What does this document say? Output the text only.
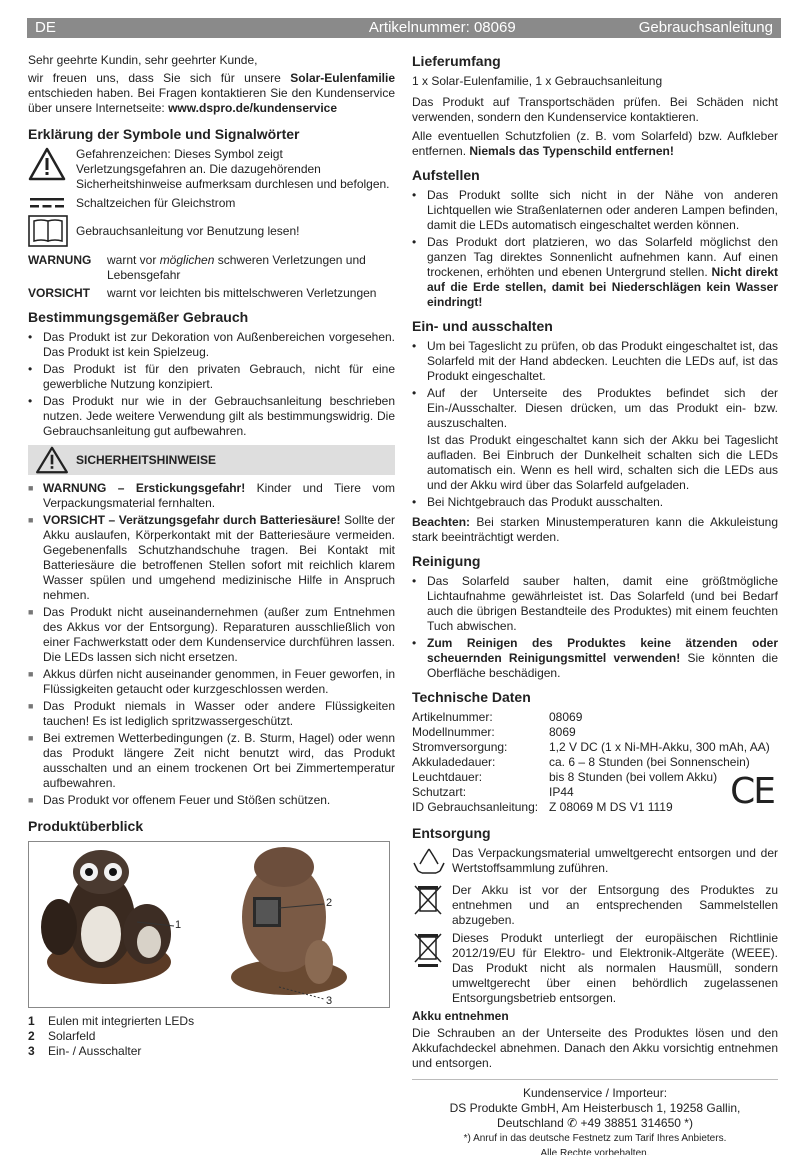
DE	Artikelnummer: 08069	Gebrauchsanleitung

Sehr geehrte Kundin, sehr geehrter Kunde,

wir freuen uns, dass Sie sich für unsere Solar-Eulenfamilie entschieden haben. Bei Fragen kontaktieren Sie den Kundenservice über unsere Internetseite: www.dspro.de/kundenservice

Erklärung der Symbole und Signalwörter
Gefahrenzeichen: Dieses Symbol zeigt Verletzungsgefahren an. Die dazugehörenden Sicherheitshinweise aufmerksam durchlesen und befolgen.
Schaltzeichen für Gleichstrom
Gebrauchsanleitung vor Benutzung lesen!
WARNUNG	warnt vor möglichen schweren Verletzungen und Lebensgefahr
VORSICHT	warnt vor leichten bis mittelschweren Verletzungen
Bestimmungsgemäßer Gebrauch
• Das Produkt ist zur Dekoration von Außenbereichen vorgesehen. Das Produkt ist kein Spielzeug.
• Das Produkt ist für den privaten Gebrauch, nicht für eine gewerbliche Nutzung konzipiert.
• Das Produkt nur wie in der Gebrauchsanleitung beschrieben nutzen. Jede weitere Verwendung gilt als bestimmungswidrig. Die Gebrauchsanleitung gut aufbewahren.
SICHERHEITSHINWEISE
■ WARNUNG – Erstickungsgefahr! Kinder und Tiere vom Verpackungsmaterial fernhalten.
■ VORSICHT – Verätzungsgefahr durch Batteriesäure! Sollte der Akku auslaufen, Körperkontakt mit der Batteriesäure vermeiden. Gegebenenfalls Schutzhandschuhe tragen. Bei Kontakt mit Batteriesäure die betroffenen Stellen sofort mit reichlich klarem Wasser spülen und umgehend medizinische Hilfe in Anspruch nehmen.
■ Das Produkt nicht auseinandernehmen (außer zum Entnehmen des Akkus vor der Entsorgung). Reparaturen ausschließlich von einer Fachwerkstatt oder dem Kundenservice durchführen lassen. Die LEDs lassen sich nicht ersetzen.
■ Akkus dürfen nicht auseinander genommen, in Feuer geworfen, in Flüssigkeiten getaucht oder kurzgeschlossen werden.
■ Das Produkt niemals in Wasser oder andere Flüssigkeiten tauchen! Es ist lediglich spritzwassergeschützt.
■ Bei extremen Wetterbedingungen (z. B. Sturm, Hagel) oder wenn das Produkt längere Zeit nicht benutzt wird, das Produkt ausschalten und an einem trockenen Ort bei Zimmertemperatur aufbewahren.
■ Das Produkt vor offenem Feuer und Stößen schützen.
Produktüberblick
1
2
3
1	Eulen mit integrierten LEDs
2	Solarfeld
3	Ein- / Ausschalter
Lieferumfang

1 x Solar-Eulenfamilie, 1 x Gebrauchsanleitung

Das Produkt auf Transportschäden prüfen. Bei Schäden nicht verwenden, sondern den Kundenservice kontaktieren.

Alle eventuellen Schutzfolien (z. B. vom Solarfeld) bzw. Aufkleber entfernen. Niemals das Typenschild entfernen!

Aufstellen
• Das Produkt sollte sich nicht in der Nähe von anderen Lichtquellen wie Straßenlaternen oder anderen Lampen befinden, damit die LEDs automatisch eingeschaltet werden können.
• Das Produkt dort platzieren, wo das Solarfeld möglichst den ganzen Tag direktes Sonnenlicht aufnehmen kann. Auf einen trockenen, erhöhten und ebenen Untergrund stellen. Nicht direkt auf die Erde stellen, damit bei Niederschlägen kein Wasser eindringt!
Ein- und ausschalten
• Um bei Tageslicht zu prüfen, ob das Produkt eingeschaltet ist, das Solarfeld mit der Hand abdecken. Leuchten die LEDs auf, ist das Produkt eingeschaltet.
• Auf der Unterseite des Produktes befindet sich der Ein-/Ausschalter. Diesen drücken, um das Produkt ein- bzw. auszuschalten.

Ist das Produkt eingeschaltet kann sich der Akku bei Tageslicht aufladen. Bei Einbruch der Dunkelheit schalten sich die LEDs automatisch ein. Wenn es hell wird, schalten sich die LEDs aus und der Akku wird über das Solarfeld aufgeladen.
• Bei Nichtgebrauch das Produkt ausschalten.

Beachten: Bei starken Minustemperaturen kann die Akkuleistung stark beeinträchtigt werden.

Reinigung
• Das Solarfeld sauber halten, damit eine größtmögliche Lichtaufnahme gewährleistet ist. Das Solarfeld (und bei Bedarf auch die übrigen Bestandteile des Produktes) mit einem feuchten Tuch abwischen.
• Zum Reinigen des Produktes keine ätzenden oder scheuernden Reinigungsmittel verwenden! Sie könnten die Oberfläche beschädigen.
Technische Daten
Artikelnummer:	08069
Modellnummer:	8069
Stromversorgung:	1,2 V DC (1 x Ni-MH-Akku, 300 mAh, AA)
Akkuladedauer:	ca. 6 – 8 Stunden (bei Sonnenschein)
Leuchtdauer:	bis 8 Stunden (bei vollem Akku)
Schutzart:	IP44
ID Gebrauchsanleitung:	Z 08069 M DS V1 1119 CE
Entsorgung
Das Verpackungsmaterial umweltgerecht entsorgen und der Wertstoffsammlung zuführen.
Der Akku ist vor der Entsorgung des Produktes zu entnehmen und an entsprechenden Sammelstellen abzugeben.
Dieses Produkt unterliegt der europäischen Richtlinie 2012/19/EU für Elektro- und Elektronik-Altgeräte (WEEE). Das Produkt nicht als normalen Hausmüll, sondern umweltgerecht über einen behördlich zugelassenen Entsorgungsbetrieb entsorgen.

Akku entnehmen

Die Schrauben an der Unterseite des Produktes lösen und den Akkufachdeckel abnehmen. Danach den Akku vorsichtig entnehmen und entsorgen.

Kundenservice / Importeur:
DS Produkte GmbH, Am Heisterbusch 1, 19258 Gallin,
Deutschland ✆ +49 38851 314650 *)
*) Anruf in das deutsche Festnetz zum Tarif Ihres Anbieters.
Alle Rechte vorbehalten.
